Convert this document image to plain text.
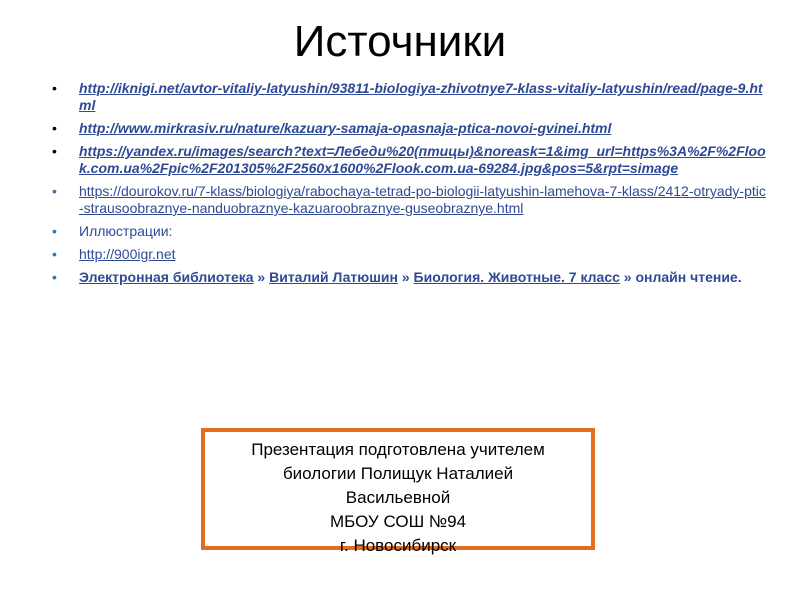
Источники
• http://iknigi.net/avtor-vitaliy-latyushin/93811-biologiya-zhivotnye7-klass-vitaliy-latyushin/read/page-9.html
• http://www.mirkrasiv.ru/nature/kazuary-samaja-opasnaja-ptica-novoi-gvinei.html
• https://yandex.ru/images/search?text=Лебеди%20(птицы)&noreask=1&img_url=https%3A%2F%2Flook.com.ua%2Fpic%2F201305%2F2560x1600%2Flook.com.ua-69284.jpg&pos=5&rpt=simage
• https://dourokov.ru/7-klass/biologiya/rabochaya-tetrad-po-biologii-latyushin-lamehova-7-klass/2412-otryady-ptic-strausoobraznye-nanduobraznye-kazuaroobraznye-guseobraznye.html
• Иллюстрации:
• http://900igr.net
• Электронная библиотека » Виталий Латюшин » Биология. Животные. 7 класс » онлайн чтение.
Презентация подготовлена учителем
биологии Полищук Наталией
Васильевной
МБОУ СОШ №94
г. Новосибирск
